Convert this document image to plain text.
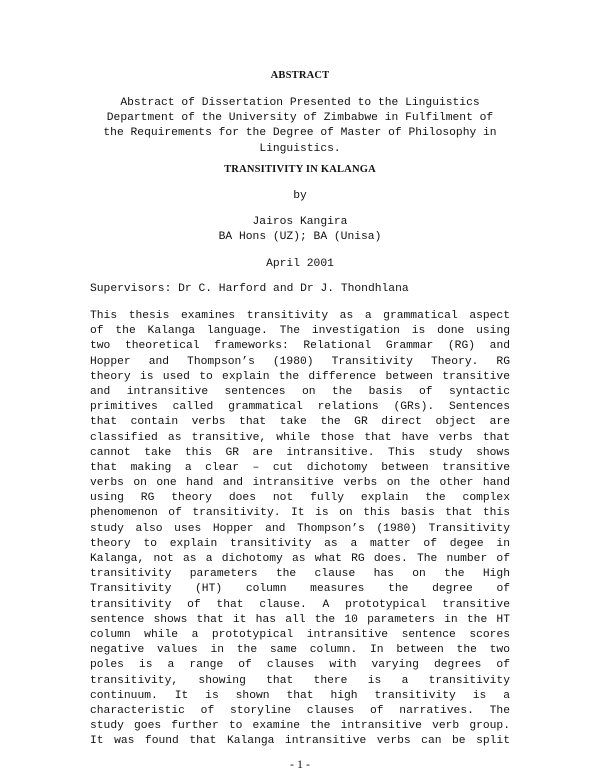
ABSTRACT
Abstract of Dissertation Presented to the Linguistics
Department of the University of Zimbabwe in Fulfilment of
the Requirements for the Degree of Master of Philosophy in
Linguistics.
TRANSITIVITY IN KALANGA
by
Jairos Kangira
BA Hons (UZ); BA (Unisa)
April 2001
Supervisors: Dr C. Harford and Dr J. Thondhlana
This thesis examines transitivity as a grammatical aspect
of the Kalanga language. The investigation is done using
two theoretical frameworks: Relational Grammar (RG) and
Hopper and Thompson’s (1980) Transitivity Theory. RG
theory is used to explain the difference between transitive
and intransitive sentences on the basis of syntactic
primitives called grammatical relations (GRs). Sentences
that contain verbs that take the GR direct object are
classified as transitive, while those that have verbs that
cannot take this GR are intransitive. This study shows
that making a clear – cut dichotomy between transitive
verbs on one hand and intransitive verbs on the other hand
using RG theory does not fully explain the complex
phenomenon of transitivity. It is on this basis that this
study also uses Hopper and Thompson’s (1980) Transitivity
theory to explain transitivity as a matter of degee in
Kalanga, not as a dichotomy as what RG does. The number of
transitivity parameters the clause has on the High
Transitivity (HT) column measures the degree of
transitivity of that clause. A prototypical transitive
sentence shows that it has all the 10 parameters in the HT
column while a prototypical intransitive sentence scores
negative values in the same column. In between the two
poles is a range of clauses with varying degrees of
transitivity, showing that there is a transitivity
continuum. It is shown that high transitivity is a
characteristic of storyline clauses of narratives. The
study goes further to examine the intransitive verb group.
It was found that Kalanga intransitive verbs can be split
- 1 -
